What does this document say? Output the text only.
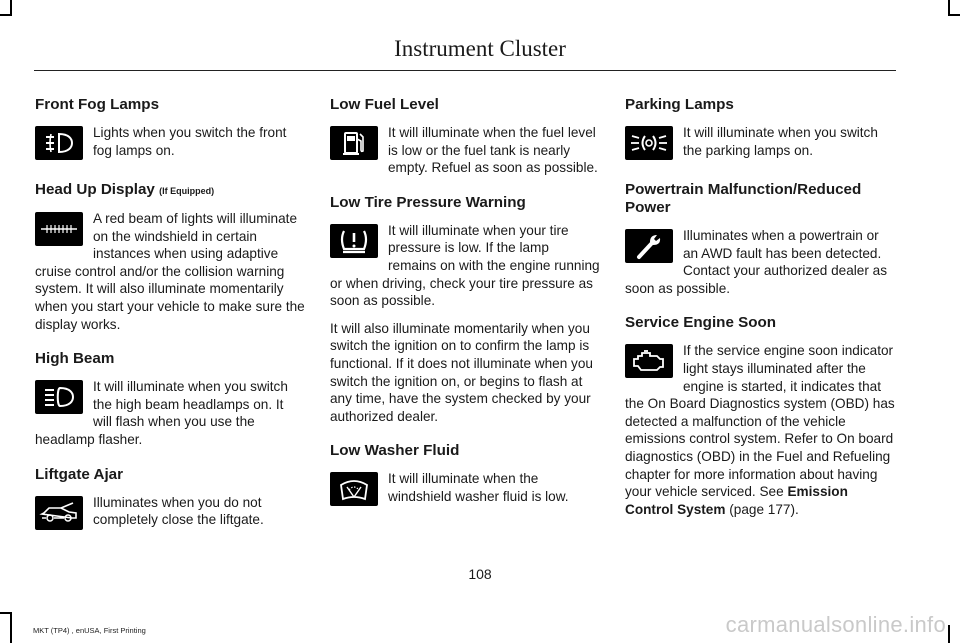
Instrument Cluster
Front Fog Lamps
Lights when you switch the front fog lamps on.
Head Up Display (If Equipped)
A red beam of lights will illuminate on the windshield in certain instances when using adaptive cruise control and/or the collision warning system. It will also illuminate momentarily when you start your vehicle to make sure the display works.
High Beam
It will illuminate when you switch the high beam headlamps on. It will flash when you use the headlamp flasher.
Liftgate Ajar
Illuminates when you do not completely close the liftgate.
Low Fuel Level
It will illuminate when the fuel level is low or the fuel tank is nearly empty. Refuel as soon as possible.
Low Tire Pressure Warning
It will illuminate when your tire pressure is low. If the lamp remains on with the engine running or when driving, check your tire pressure as soon as possible.

It will also illuminate momentarily when you switch the ignition on to confirm the lamp is functional. If it does not illuminate when you switch the ignition on, or begins to flash at any time, have the system checked by your authorized dealer.

Low Washer Fluid
It will illuminate when the windshield washer fluid is low.
Parking Lamps
It will illuminate when you switch the parking lamps on.
Powertrain Malfunction/Reduced Power
Illuminates when a powertrain or an AWD fault has been detected. Contact your authorized dealer as soon as possible.
Service Engine Soon
If the service engine soon indicator light stays illuminated after the engine is started, it indicates that the On Board Diagnostics system (OBD) has detected a malfunction of the vehicle emissions control system. Refer to On board diagnostics (OBD) in the Fuel and Refueling chapter for more information about having your vehicle serviced. See Emission Control System (page 177).
108
MKT (TP4) , enUSA, First Printing	carmanualsonline.info
